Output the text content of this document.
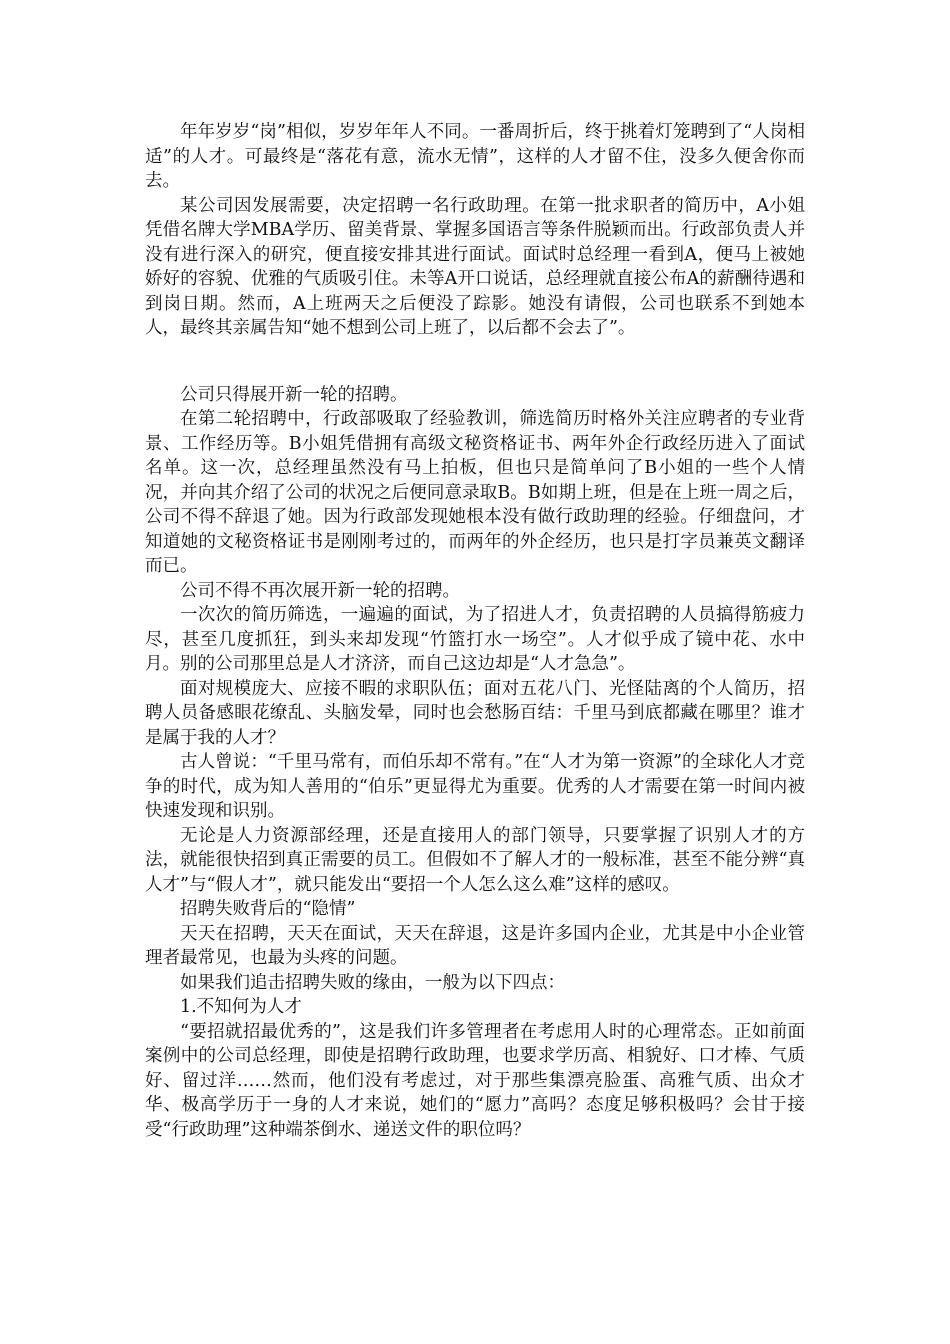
年年岁岁“岗”相似，岁岁年年人不同。一番周折后，终于挑着灯笼聘到了“人岗相适”的人才。可最终是“落花有意，流水无情”，这样的人才留不住，没多久便舍你而去。

某公司因发展需要，决定招聘一名行政助理。在第一批求职者的简历中，A小姐凭借名牌大学MBA学历、留美背景、掌握多国语言等条件脱颖而出。行政部负责人并没有进行深入的研究，便直接安排其进行面试。面试时总经理一看到A，便马上被她娇好的容貌、优雅的气质吸引住。未等A开口说话，总经理就直接公布A的薪酬待遇和到岗日期。然而，A上班两天之后便没了踪影。她没有请假，公司也联系不到她本人，最终其亲属告知“她不想到公司上班了，以后都不会去了”。

公司只得展开新一轮的招聘。

在第二轮招聘中，行政部吸取了经验教训，筛选简历时格外关注应聘者的专业背景、工作经历等。B小姐凭借拥有高级文秘资格证书、两年外企行政经历进入了面试名单。这一次，总经理虽然没有马上拍板，但也只是简单问了B小姐的一些个人情况，并向其介绍了公司的状况之后便同意录取B。B如期上班，但是在上班一周之后，公司不得不辞退了她。因为行政部发现她根本没有做行政助理的经验。仔细盘问，才知道她的文秘资格证书是刚刚考过的，而两年的外企经历，也只是打字员兼英文翻译而已。

公司不得不再次展开新一轮的招聘。

一次次的简历筛选，一遍遍的面试，为了招进人才，负责招聘的人员搞得筋疲力尽，甚至几度抓狂，到头来却发现“竹篮打水一场空”。人才似乎成了镜中花、水中月。别的公司那里总是人才济济，而自己这边却是“人才急急”。

面对规模庞大、应接不暇的求职队伍；面对五花八门、光怪陆离的个人简历，招聘人员备感眼花缭乱、头脑发晕，同时也会愁肠百结：千里马到底都藏在哪里？谁才是属于我的人才？

古人曾说：“千里马常有，而伯乐却不常有。”在“人才为第一资源”的全球化人才竞争的时代，成为知人善用的“伯乐”更显得尤为重要。优秀的人才需要在第一时间内被快速发现和识别。

无论是人力资源部经理，还是直接用人的部门领导，只要掌握了识别人才的方法，就能很快招到真正需要的员工。但假如不了解人才的一般标准，甚至不能分辨“真人才”与“假人才”，就只能发出“要招一个人怎么这么难”这样的感叹。

招聘失败背后的“隐情”

天天在招聘，天天在面试，天天在辞退，这是许多国内企业，尤其是中小企业管理者最常见，也最为头疼的问题。

如果我们追击招聘失败的缘由，一般为以下四点：

1.不知何为人才

“要招就招最优秀的”，这是我们许多管理者在考虑用人时的心理常态。正如前面案例中的公司总经理，即使是招聘行政助理，也要求学历高、相貌好、口才棒、气质好、留过洋……然而，他们没有考虑过，对于那些集漂亮脸蛋、高雅气质、出众才华、极高学历于一身的人才来说，她们的“愿力”高吗？态度足够积极吗？会甘于接受“行政助理”这种端茶倒水、递送文件的职位吗？
